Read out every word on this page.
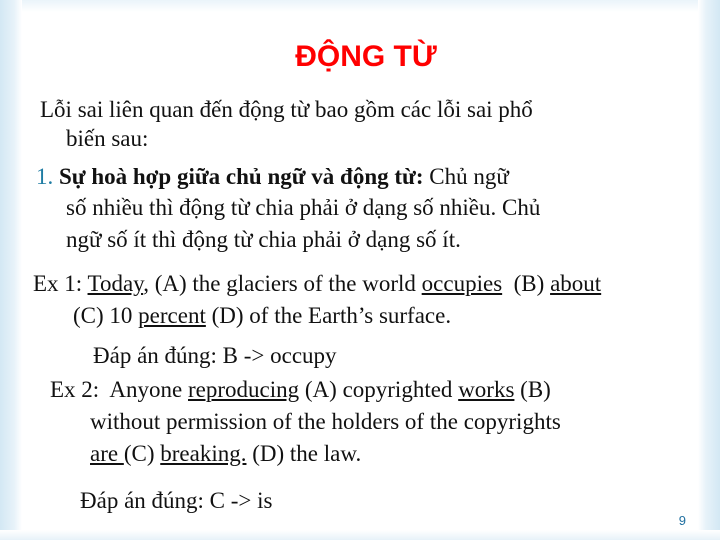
ĐỘNG TỪ

Lỗi sai liên quan đến động từ bao gồm các lỗi sai phổ

biến sau:

1. Sự hoà hợp giữa chủ ngữ và động từ: Chủ ngữ

số nhiều thì động từ chia phải ở dạng số nhiều. Chủ

ngữ số ít thì động từ chia phải ở dạng số ít.

Ex 1: Today, (A) the glaciers of the world occupies  (B) about

(C) 10 percent (D) of the Earth’s surface.

Đáp án đúng: B -> occupy

Ex 2:  Anyone reproducing (A) copyrighted works (B)

without permission of the holders of the copyrights

are (C) breaking. (D) the law.

Đáp án đúng: C -> is

9
